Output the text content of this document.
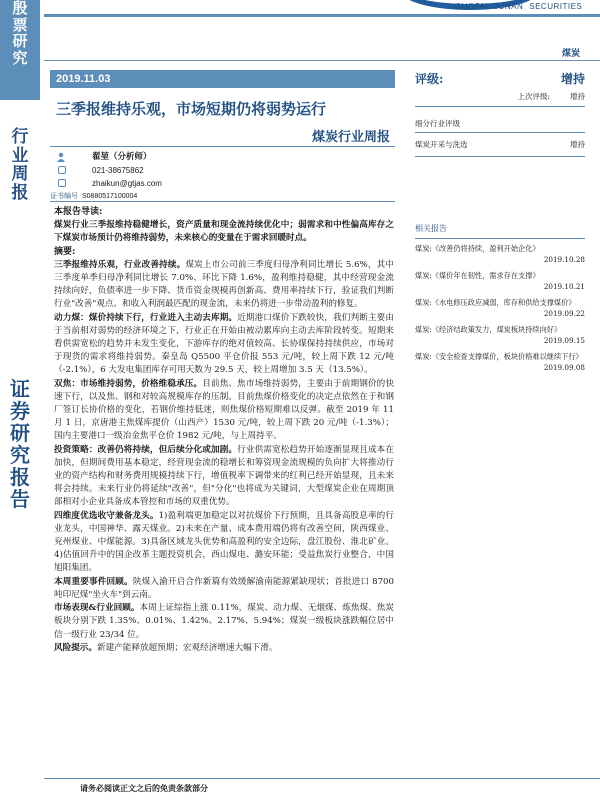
殷
票
研
究
行
业
周
报
证
券
研
究
报
告
GUOTAI JUNAN SECURITIES
煤炭
2019.11.03
三季报维持乐观，市场短期仍将弱势运行
煤炭行业周报
翟堃（分析师）
021-38675862
zhaikun@gtjas.com
证书编号 S0880517100004

本报告导读:

煤炭行业三季报维持稳健增长，资产质量和现金流持续优化中；弱需求和中性偏高库存之下煤炭市场预计仍将维持弱势，未来核心的变量在于需求回暖时点。

摘要:

三季报维持乐观，行业改善持续。煤炭上市公司前三季度归母净利同比增长 5.6%，其中三季度单季归母净利同比增长 7.0%、环比下降 1.6%，盈利维持稳健，其中经营现金流持续向好，负债率进一步下降、货币资金规模再创新高、费用率持续下行，验证我们判断行业"改善"观点。和收入利润最匹配的现金流，未来仍将进一步带动盈利的修复。

动力煤：煤价持续下行，行业进入主动去库期。近期港口煤价下跌较快，我们判断主要由于当前相对弱势的经济环境之下，行业正在开始由被动累库向主动去库阶段转变。短期来看供需宽松的趋势并未发生变化，下游库存的绝对值较高、长协煤保持持续供应，市场对于现货的需求将维持弱势。秦皇岛 Q5500 平仓价报 553 元/吨，较上周下跌 12 元/吨（-2.1%），6 大发电集团库存可用天数为 29.5 天，较上周增加 3.5 天（13.5%）。

双焦：市场维持弱势，价格维稳承压。目前焦、焦市场维持弱势，主要由于前期钢价的快速下行，以及焦、钢和对较高规模库存的压制。目前焦煤价格变化的决定点依然在于和钢厂签订长协价格的变化，若钢价维持低迷，则焦煤价格短期难以反弹。截至 2019 年 11 月 1 日，京唐港主焦煤库提价（山西产）1530 元/吨，较上周下跌 20 元/吨（-1.3%）；国内主要港口一级冶金焦平仓价 1982 元/吨，与上周持平。

投资策略：改善仍将持续，但后续分化或加剧。行业供需宽松趋势开始逐渐显现且成本在加快，但期间费用基本稳定，经营现金流的稳增长和筹资现金流规模的负向扩大将推动行业的资产结构和财务费用规模持续下行，增值税率下调带来的红利已经开始显现，且未来将会持续。未来行业仍将延续"改善"，但"分化"也将成为关键词，大型煤炭企业在周期顶部相对小企业具备成本管控和市场的双重优势。

四维度优选收守兼备龙头。1)盈利端更加稳定以对抗煤价下行预期，且具备高股息率的行业龙头，中国神华、露天煤业。2)未来在产量、成本费用端仍将有改善空间，陕西煤业、兖州煤业、中煤能源。3)具备区域龙头优势和高盈利的安全边际，盘江股份、淮北矿业。4)估值回升中的国企改革主题投资机会，西山煤电、潞安环能；受益焦炭行业整合，中国旭阳集团。

本周重要事件回顾。陕煤入渝开启合作新篇有效缓解渝南能源紧缺现状；首批进口 8700 吨印尼煤"坐火车"到云南。

市场表现&行业回顾。本周上证综指上涨 0.11%，煤炭、动力煤、无烟煤、炼焦煤、焦炭板块分别下跌 1.35%、0.01%、1.42%、2.17%、5.94%；煤炭一级板块涨跌幅位居中信一级行业 23/34 位。

风险提示。新建产能释放超预期；宏观经济增速大幅下滑。

评级:	增持
上次评级:	增持
细分行业评级
煤炭开采与洗选	增持
相关报告
煤炭:《改善仍将持续，盈利开始企化》
2019.10.28
煤炭:《煤价年在韧性，需求存在支撑》
2019.10.21
煤炭:《水电修压政应减弱，库存和供给支撑煤价》
2019.09.22
煤炭:《经济结政策发力，煤炭板块持续向好》
2019.09.15
煤炭:《安全检查支撑煤价，板块价格难以继续下行》
2019.09.08
请务必阅读正文之后的免责条款部分
